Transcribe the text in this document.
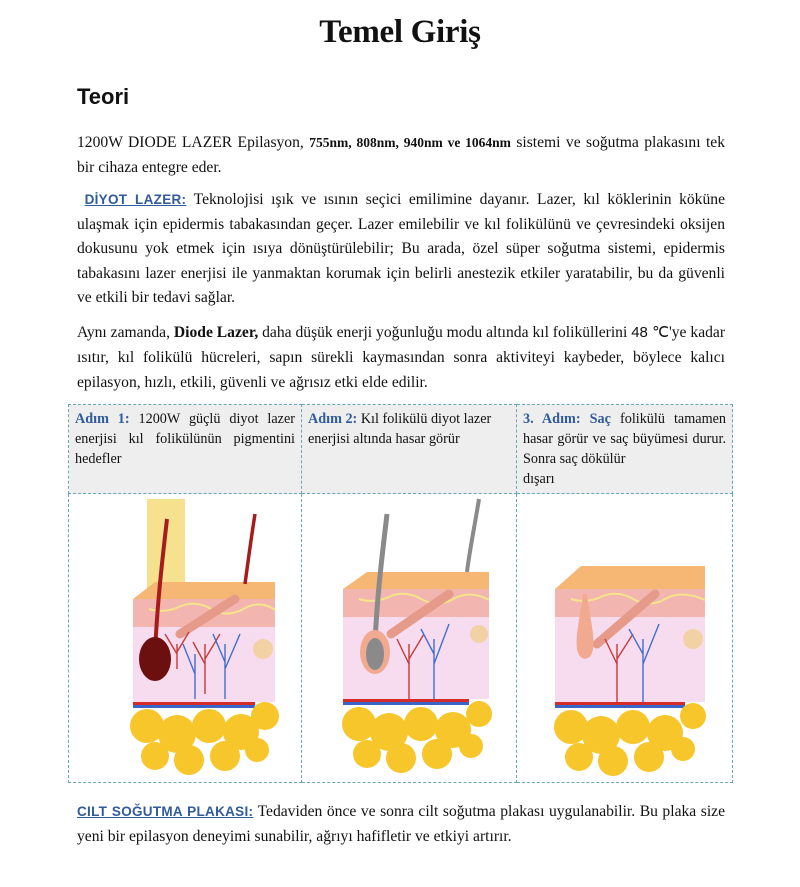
Temel Giriş
Teori
1200W DIODE LAZER Epilasyon, 755nm, 808nm, 940nm ve 1064nm sistemi ve soğutma plakasını tek bir cihaza entegre eder.
DİYOT LAZER: Teknolojisi ışık ve ısının seçici emilimine dayanır. Lazer, kıl köklerinin köküne ulaşmak için epidermis tabakasından geçer. Lazer emilebilir ve kıl folikülünü ve çevresindeki oksijen dokusunu yok etmek için ısıya dönüştürülebilir; Bu arada, özel süper soğutma sistemi, epidermis tabakasını lazer enerjisi ile yanmaktan korumak için belirli anestezik etkiler yaratabilir, bu da güvenli ve etkili bir tedavi sağlar.
Aynı zamanda, Diode Lazer, daha düşük enerji yoğunluğu modu altında kıl foliküllerini 48 ℃'ye kadar ısıtır, kıl folikülü hücreleri, sapın sürekli kaymasından sonra aktiviteyi kaybeder, böylece kalıcı epilasyon, hızlı, etkili, güvenli ve ağrısız etki elde edilir.
Adım 1: 1200W güçlü diyot lazer enerjisi kıl folikülünün pigmentini hedefler	Adım 2: Kıl folikülü diyot lazer enerjisi altında hasar görür	3. Adım: Saç folikülü tamamen hasar görür ve saç büyümesi durur. Sonra saç dökülür
dışarı

CILT SOĞUTMA PLAKASI: Tedaviden önce ve sonra cilt soğutma plakası uygulanabilir. Bu plaka size yeni bir epilasyon deneyimi sunabilir, ağrıyı hafifletir ve etkiyi artırır.
